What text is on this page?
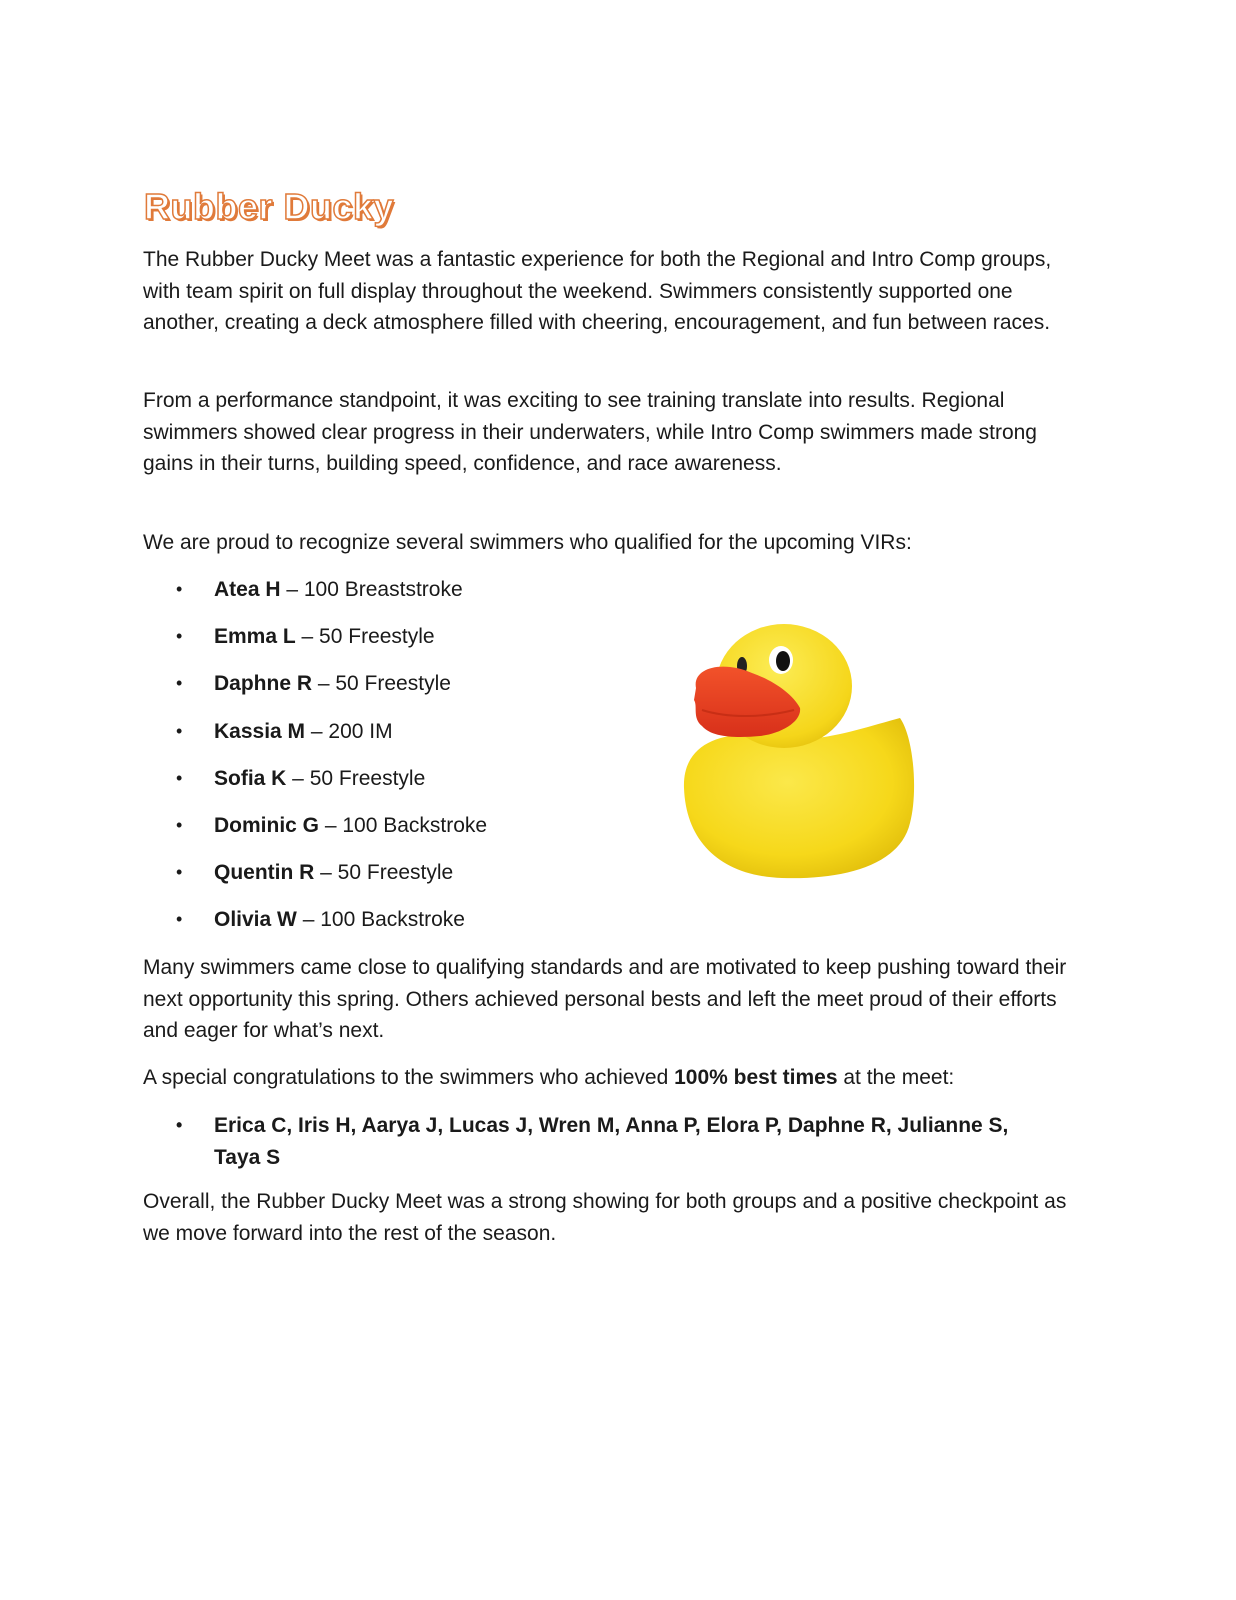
Rubber Ducky

The Rubber Ducky Meet was a fantastic experience for both the Regional and Intro Comp groups, with team spirit on full display throughout the weekend. Swimmers consistently supported one another, creating a deck atmosphere filled with cheering, encouragement, and fun between races.

From a performance standpoint, it was exciting to see training translate into results. Regional swimmers showed clear progress in their underwaters, while Intro Comp swimmers made strong gains in their turns, building speed, confidence, and race awareness.

We are proud to recognize several swimmers who qualified for the upcoming VIRs:

• Atea H – 100 Breaststroke
• Emma L – 50 Freestyle
• Daphne R – 50 Freestyle
• Kassia M – 200 IM
• Sofia K – 50 Freestyle
• Dominic G – 100 Backstroke
• Quentin R – 50 Freestyle
• Olivia W – 100 Backstroke

Many swimmers came close to qualifying standards and are motivated to keep pushing toward their next opportunity this spring. Others achieved personal bests and left the meet proud of their efforts and eager for what’s next.

A special congratulations to the swimmers who achieved 100% best times at the meet:

• Erica C, Iris H, Aarya J, Lucas J, Wren M, Anna P, Elora P, Daphne R, Julianne S, Taya S

Overall, the Rubber Ducky Meet was a strong showing for both groups and a positive checkpoint as we move forward into the rest of the season.
